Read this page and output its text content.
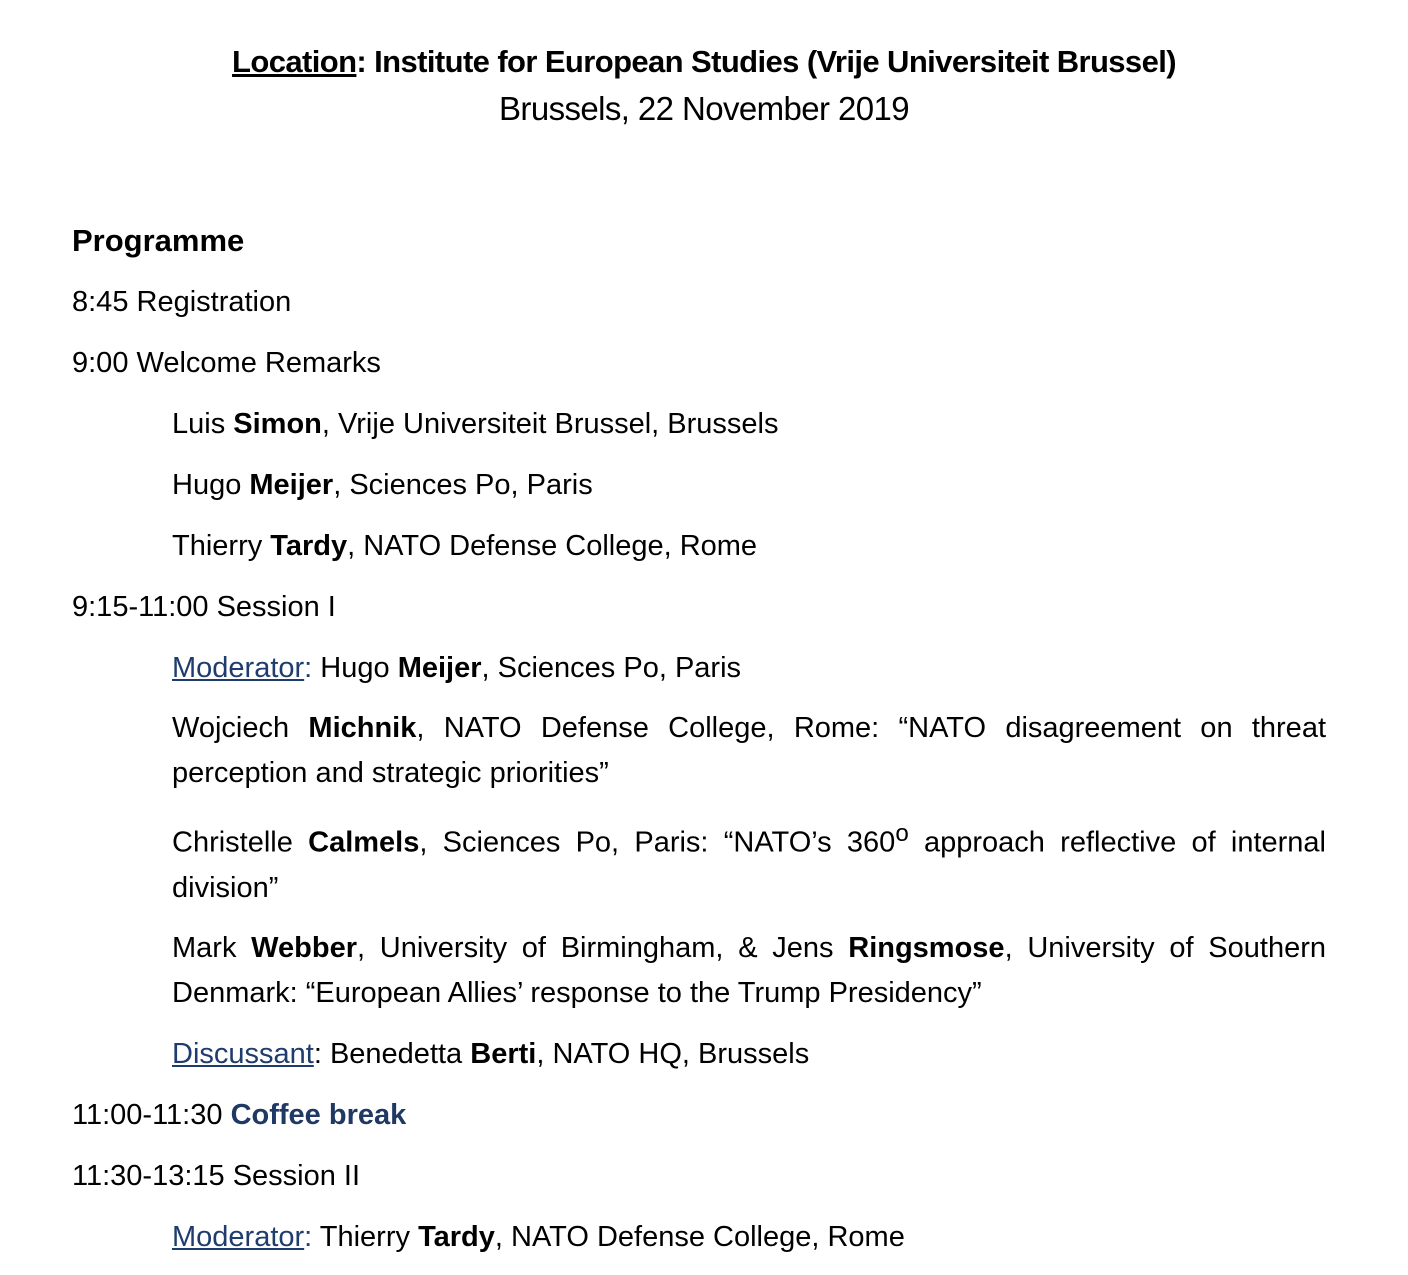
Location: Institute for European Studies (Vrije Universiteit Brussel)
Brussels, 22 November 2019
Programme
8:45 Registration
9:00 Welcome Remarks
Luis Simon, Vrije Universiteit Brussel, Brussels
Hugo Meijer, Sciences Po, Paris
Thierry Tardy, NATO Defense College, Rome
9:15-11:00 Session I
Moderator: Hugo Meijer, Sciences Po, Paris
Wojciech Michnik, NATO Defense College, Rome: “NATO disagreement on threat perception and strategic priorities”
Christelle Calmels, Sciences Po, Paris: “NATO’s 360$^o$ approach reflective of internal division”
Mark Webber, University of Birmingham, & Jens Ringsmose, University of Southern Denmark: “European Allies’ response to the Trump Presidency”
Discussant: Benedetta Berti, NATO HQ, Brussels
11:00-11:30 Coffee break
11:30-13:15 Session II
Moderator: Thierry Tardy, NATO Defense College, Rome
